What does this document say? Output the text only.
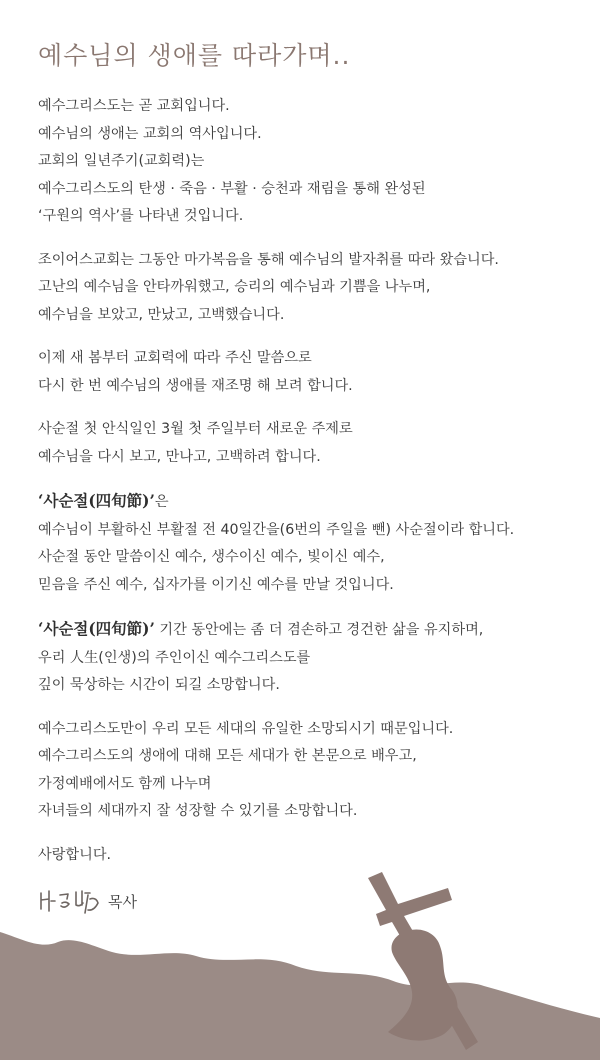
예수님의 생애를 따라가며..
예수그리스도는 곧 교회입니다.
예수님의 생애는 교회의 역사입니다.
교회의 일년주기(교회력)는
예수그리스도의 탄생 · 죽음 · 부활 · 승천과 재림을 통해 완성된
‘구원의 역사’를 나타낸 것입니다.
조이어스교회는 그동안 마가복음을 통해 예수님의 발자취를 따라 왔습니다.
고난의 예수님을 안타까워했고, 승리의 예수님과 기쁨을 나누며,
예수님을 보았고, 만났고, 고백했습니다.
이제 새 봄부터 교회력에 따라 주신 말씀으로
다시 한 번 예수님의 생애를 재조명 해 보려 합니다.
사순절 첫 안식일인 3월 첫 주일부터 새로운 주제로
예수님을 다시 보고, 만나고, 고백하려 합니다.
‘사순절(四旬節)’은
예수님이 부활하신 부활절 전 40일간을(6번의 주일을 뺀) 사순절이라 합니다.
사순절 동안 말씀이신 예수, 생수이신 예수, 빛이신 예수,
믿음을 주신 예수, 십자가를 이기신 예수를 만날 것입니다.
‘사순절(四旬節)’ 기간 동안에는 좀 더 겸손하고 경건한 삶을 유지하며,
우리 人生(인생)의 주인이신 예수그리스도를
깊이 묵상하는 시간이 되길 소망합니다.
예수그리스도만이 우리 모든 세대의 유일한 소망되시기 때문입니다.
예수그리스도의 생애에 대해 모든 세대가 한 본문으로 배우고,
가정예배에서도 함께 나누며
자녀들의 세대까지 잘 성장할 수 있기를 소망합니다.
사랑합니다.
목사
